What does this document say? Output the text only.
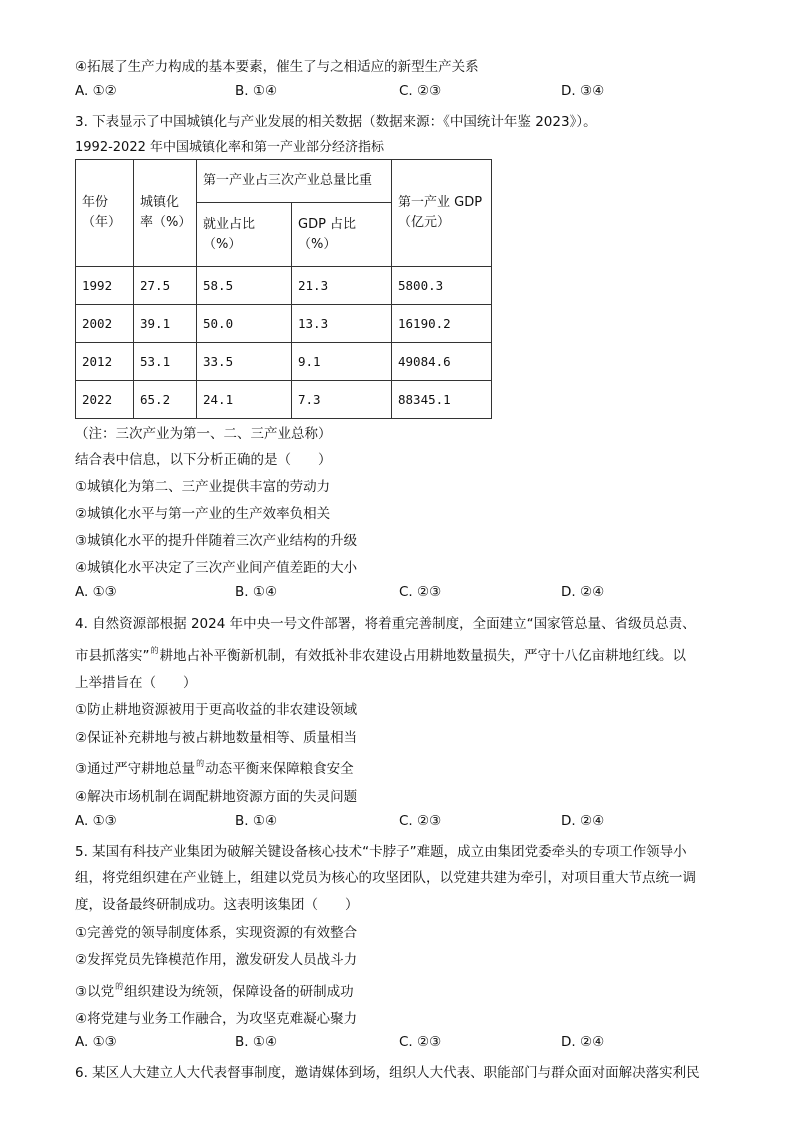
④拓展了生产力构成的基本要素，催生了与之相适应的新型生产关系
A. ①②	B. ①④	C. ②③	D. ③④
3. 下表显示了中国城镇化与产业发展的相关数据（数据来源：《中国统计年鉴 2023》）。
1992-2022 年中国城镇化率和第一产业部分经济指标
年份（年）	城镇化率（%）	第一产业占三次产业总量比重		第一产业 GDP（亿元）
		就业占比（%）	GDP 占比（%）	
1992	27.5	58.5	21.3	5800.3
2002	39.1	50.0	13.3	16190.2
2012	53.1	33.5	9.1	49084.6
2022	65.2	24.1	7.3	88345.1
（注：三次产业为第一、二、三产业总称）
结合表中信息，以下分析正确的是（　　）
①城镇化为第二、三产业提供丰富的劳动力
②城镇化水平与第一产业的生产效率负相关
③城镇化水平的提升伴随着三次产业结构的升级
④城镇化水平决定了三次产业间产值差距的大小
A. ①③	B. ①④	C. ②③	D. ②④
4. 自然资源部根据 2024 年中央一号文件部署，将着重完善制度，全面建立“国家管总量、省级员总责、
市县抓落实”$^的$耕地占补平衡新机制，有效抵补非农建设占用耕地数量损失，严守十八亿亩耕地红线。以
上举措旨在（　　）
①防止耕地资源被用于更高收益的非农建设领域
②保证补充耕地与被占耕地数量相等、质量相当
③通过严守耕地总量$^的$动态平衡来保障粮食安全
④解决市场机制在调配耕地资源方面的失灵问题
A. ①③	B. ①④	C. ②③	D. ②④
5. 某国有科技产业集团为破解关键设备核心技术“卡脖子”难题，成立由集团党委牵头的专项工作领导小
组，将党组织建在产业链上，组建以党员为核心的攻坚团队，以党建共建为牵引，对项目重大节点统一调
度，设备最终研制成功。这表明该集团（　　）
①完善党的领导制度体系，实现资源的有效整合
②发挥党员先锋模范作用，激发研发人员战斗力
③以党$^的$组织建设为统领，保障设备的研制成功
④将党建与业务工作融合，为攻坚克难凝心聚力
A. ①③	B. ①④	C. ②③	D. ②④
6. 某区人大建立人大代表督事制度，邀请媒体到场，组织人大代表、职能部门与群众面对面解决落实利民
